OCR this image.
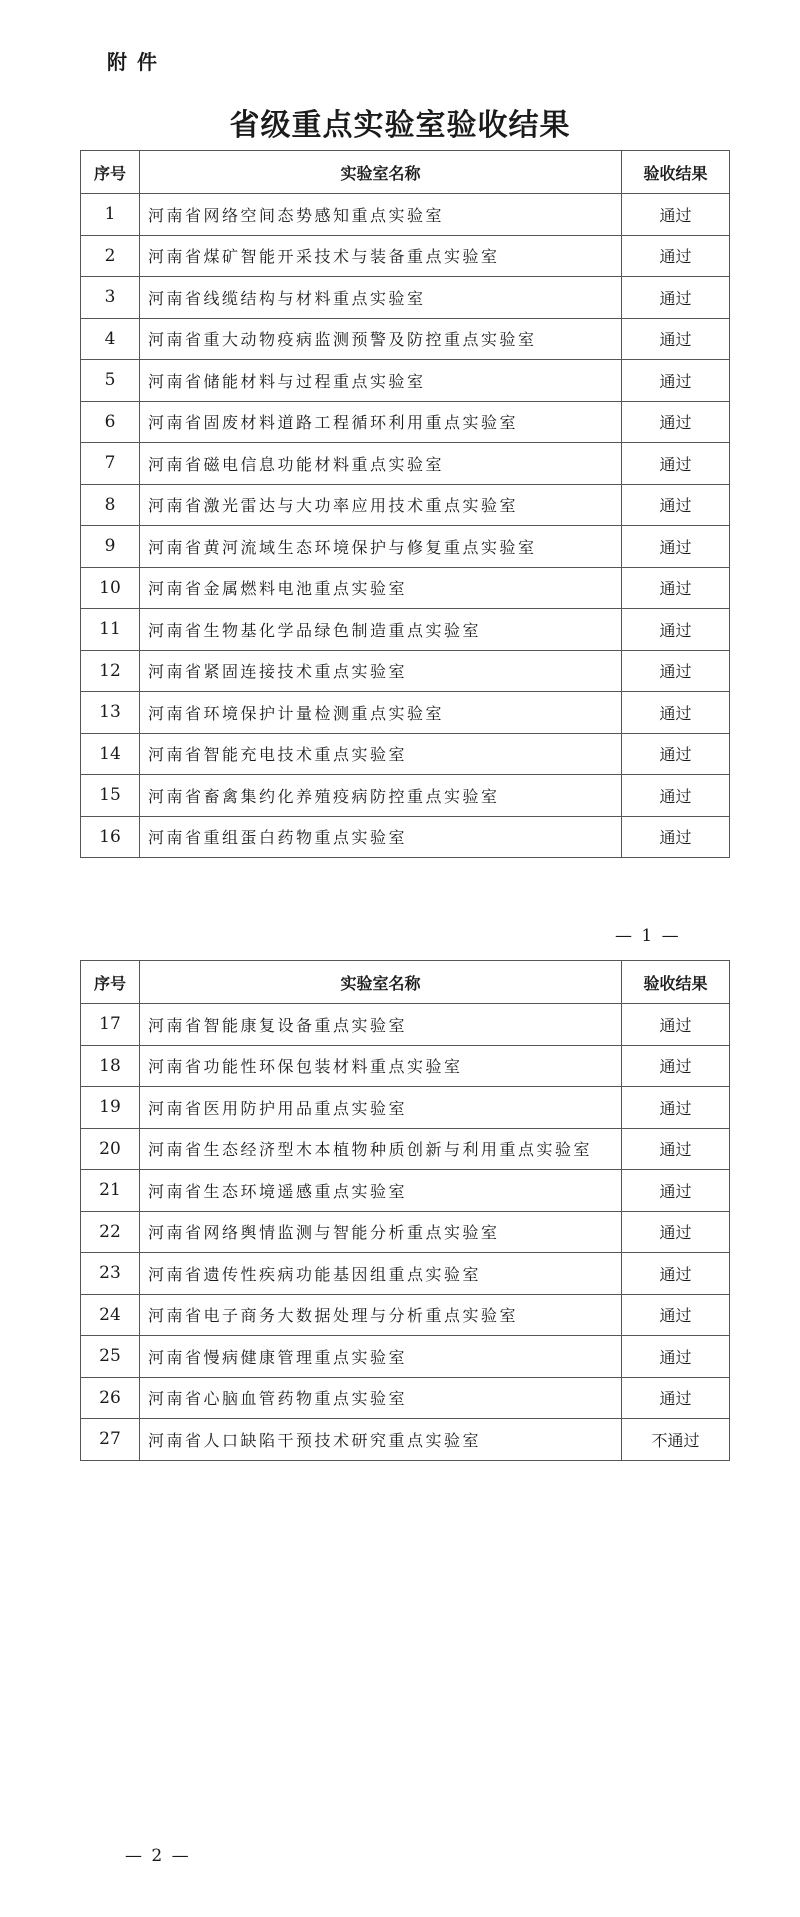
附件
省级重点实验室验收结果
序号	实验室名称	验收结果
1	河南省网络空间态势感知重点实验室	通过
2	河南省煤矿智能开采技术与装备重点实验室	通过
3	河南省线缆结构与材料重点实验室	通过
4	河南省重大动物疫病监测预警及防控重点实验室	通过
5	河南省储能材料与过程重点实验室	通过
6	河南省固废材料道路工程循环利用重点实验室	通过
7	河南省磁电信息功能材料重点实验室	通过
8	河南省激光雷达与大功率应用技术重点实验室	通过
9	河南省黄河流域生态环境保护与修复重点实验室	通过
10	河南省金属燃料电池重点实验室	通过
11	河南省生物基化学品绿色制造重点实验室	通过
12	河南省紧固连接技术重点实验室	通过
13	河南省环境保护计量检测重点实验室	通过
14	河南省智能充电技术重点实验室	通过
15	河南省畜禽集约化养殖疫病防控重点实验室	通过
16	河南省重组蛋白药物重点实验室	通过
— 1 —
序号	实验室名称	验收结果
17	河南省智能康复设备重点实验室	通过
18	河南省功能性环保包装材料重点实验室	通过
19	河南省医用防护用品重点实验室	通过
20	河南省生态经济型木本植物种质创新与利用重点实验室	通过
21	河南省生态环境遥感重点实验室	通过
22	河南省网络舆情监测与智能分析重点实验室	通过
23	河南省遗传性疾病功能基因组重点实验室	通过
24	河南省电子商务大数据处理与分析重点实验室	通过
25	河南省慢病健康管理重点实验室	通过
26	河南省心脑血管药物重点实验室	通过
27	河南省人口缺陷干预技术研究重点实验室	不通过
— 2 —
